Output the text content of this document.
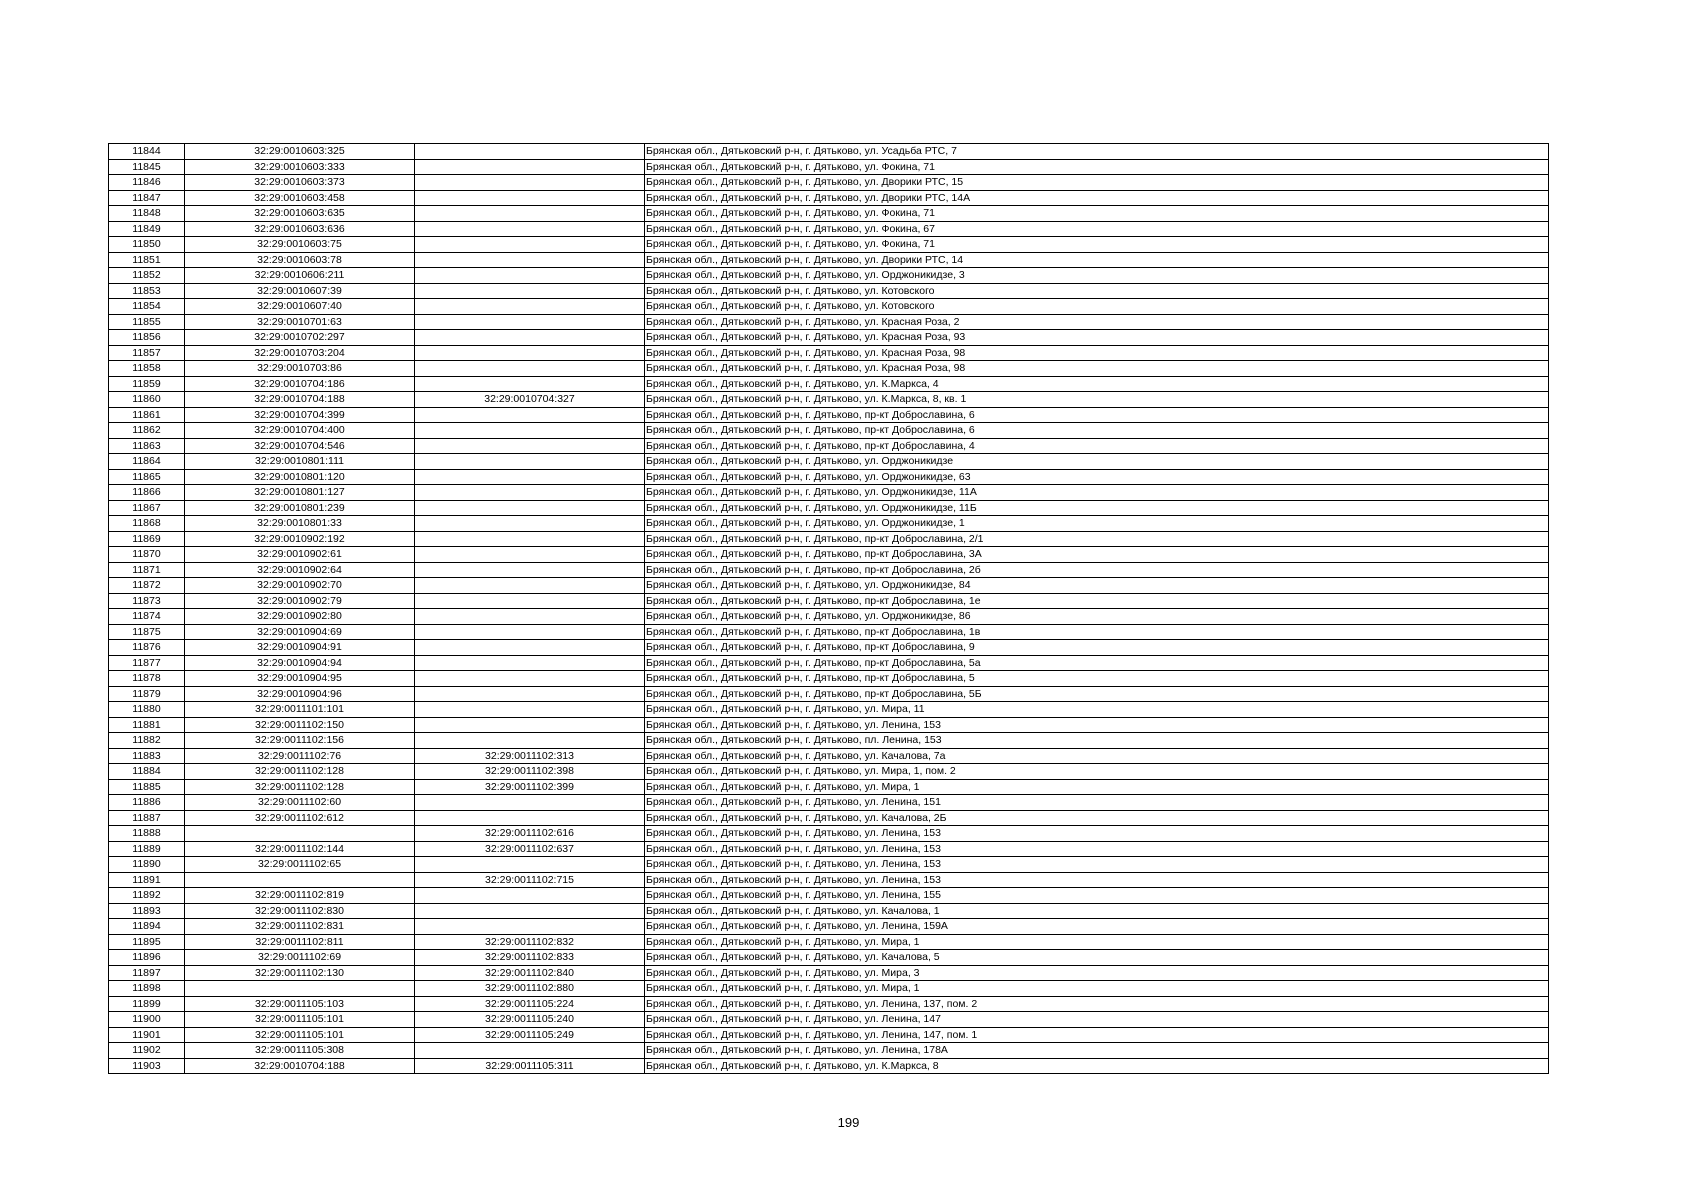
11844	32:29:0010603:325		Брянская обл., Дятьковский р-н, г. Дятьково, ул. Усадьба РТС, 7
11845	32:29:0010603:333		Брянская обл., Дятьковский р-н, г. Дятьково, ул. Фокина, 71
11846	32:29:0010603:373		Брянская обл., Дятьковский р-н, г. Дятьково, ул. Дворики РТС, 15
11847	32:29:0010603:458		Брянская обл., Дятьковский р-н, г. Дятьково, ул. Дворики РТС, 14А
11848	32:29:0010603:635		Брянская обл., Дятьковский р-н, г. Дятьково, ул. Фокина, 71
11849	32:29:0010603:636		Брянская обл., Дятьковский р-н, г. Дятьково, ул. Фокина, 67
11850	32:29:0010603:75		Брянская обл., Дятьковский р-н, г. Дятьково, ул. Фокина, 71
11851	32:29:0010603:78		Брянская обл., Дятьковский р-н, г. Дятьково, ул. Дворики РТС, 14
11852	32:29:0010606:211		Брянская обл., Дятьковский р-н, г. Дятьково, ул. Орджоникидзе, 3
11853	32:29:0010607:39		Брянская обл., Дятьковский р-н, г. Дятьково, ул. Котовского
11854	32:29:0010607:40		Брянская обл., Дятьковский р-н, г. Дятьково, ул. Котовского
11855	32:29:0010701:63		Брянская обл., Дятьковский р-н, г. Дятьково, ул. Красная Роза, 2
11856	32:29:0010702:297		Брянская обл., Дятьковский р-н, г. Дятьково, ул. Красная Роза, 93
11857	32:29:0010703:204		Брянская обл., Дятьковский р-н, г. Дятьково, ул. Красная Роза, 98
11858	32:29:0010703:86		Брянская обл., Дятьковский р-н, г. Дятьково, ул. Красная Роза, 98
11859	32:29:0010704:186		Брянская обл., Дятьковский р-н, г. Дятьково, ул. К.Маркса, 4
11860	32:29:0010704:188	32:29:0010704:327	Брянская обл., Дятьковский р-н, г. Дятьково, ул. К.Маркса, 8, кв. 1
11861	32:29:0010704:399		Брянская обл., Дятьковский р-н, г. Дятьково, пр-кт Доброславина, 6
11862	32:29:0010704:400		Брянская обл., Дятьковский р-н, г. Дятьково, пр-кт Доброславина, 6
11863	32:29:0010704:546		Брянская обл., Дятьковский р-н, г. Дятьково, пр-кт Доброславина, 4
11864	32:29:0010801:111		Брянская обл., Дятьковский р-н, г. Дятьково, ул. Орджоникидзе
11865	32:29:0010801:120		Брянская обл., Дятьковский р-н, г. Дятьково, ул. Орджоникидзе, 63
11866	32:29:0010801:127		Брянская обл., Дятьковский р-н, г. Дятьково, ул. Орджоникидзе, 11А
11867	32:29:0010801:239		Брянская обл., Дятьковский р-н, г. Дятьково, ул. Орджоникидзе, 11Б
11868	32:29:0010801:33		Брянская обл., Дятьковский р-н, г. Дятьково, ул. Орджоникидзе, 1
11869	32:29:0010902:192		Брянская обл., Дятьковский р-н, г. Дятьково, пр-кт Доброславина, 2/1
11870	32:29:0010902:61		Брянская обл., Дятьковский р-н, г. Дятьково, пр-кт Доброславина, 3А
11871	32:29:0010902:64		Брянская обл., Дятьковский р-н, г. Дятьково, пр-кт Доброславина, 2б
11872	32:29:0010902:70		Брянская обл., Дятьковский р-н, г. Дятьково, ул. Орджоникидзе, 84
11873	32:29:0010902:79		Брянская обл., Дятьковский р-н, г. Дятьково, пр-кт Доброславина, 1е
11874	32:29:0010902:80		Брянская обл., Дятьковский р-н, г. Дятьково, ул. Орджоникидзе, 86
11875	32:29:0010904:69		Брянская обл., Дятьковский р-н, г. Дятьково, пр-кт Доброславина, 1в
11876	32:29:0010904:91		Брянская обл., Дятьковский р-н, г. Дятьково, пр-кт Доброславина, 9
11877	32:29:0010904:94		Брянская обл., Дятьковский р-н, г. Дятьково, пр-кт Доброславина, 5а
11878	32:29:0010904:95		Брянская обл., Дятьковский р-н, г. Дятьково, пр-кт Доброславина, 5
11879	32:29:0010904:96		Брянская обл., Дятьковский р-н, г. Дятьково, пр-кт Доброславина, 5Б
11880	32:29:0011101:101		Брянская обл., Дятьковский р-н, г. Дятьково, ул. Мира, 11
11881	32:29:0011102:150		Брянская обл., Дятьковский р-н, г. Дятьково, ул. Ленина, 153
11882	32:29:0011102:156		Брянская обл., Дятьковский р-н, г. Дятьково, пл. Ленина, 153
11883	32:29:0011102:76	32:29:0011102:313	Брянская обл., Дятьковский р-н, г. Дятьково, ул. Качалова, 7а
11884	32:29:0011102:128	32:29:0011102:398	Брянская обл., Дятьковский р-н, г. Дятьково, ул. Мира, 1, пом. 2
11885	32:29:0011102:128	32:29:0011102:399	Брянская обл., Дятьковский р-н, г. Дятьково, ул. Мира, 1
11886	32:29:0011102:60		Брянская обл., Дятьковский р-н, г. Дятьково, ул. Ленина, 151
11887	32:29:0011102:612		Брянская обл., Дятьковский р-н, г. Дятьково, ул. Качалова, 2Б
11888		32:29:0011102:616	Брянская обл., Дятьковский р-н, г. Дятьково, ул. Ленина, 153
11889	32:29:0011102:144	32:29:0011102:637	Брянская обл., Дятьковский р-н, г. Дятьково, ул. Ленина, 153
11890	32:29:0011102:65		Брянская обл., Дятьковский р-н, г. Дятьково, ул. Ленина, 153
11891		32:29:0011102:715	Брянская обл., Дятьковский р-н, г. Дятьково, ул. Ленина, 153
11892	32:29:0011102:819		Брянская обл., Дятьковский р-н, г. Дятьково, ул. Ленина, 155
11893	32:29:0011102:830		Брянская обл., Дятьковский р-н, г. Дятьково, ул. Качалова, 1
11894	32:29:0011102:831		Брянская обл., Дятьковский р-н, г. Дятьково, ул. Ленина, 159А
11895	32:29:0011102:811	32:29:0011102:832	Брянская обл., Дятьковский р-н, г. Дятьково, ул. Мира, 1
11896	32:29:0011102:69	32:29:0011102:833	Брянская обл., Дятьковский р-н, г. Дятьково, ул. Качалова, 5
11897	32:29:0011102:130	32:29:0011102:840	Брянская обл., Дятьковский р-н, г. Дятьково, ул. Мира, 3
11898		32:29:0011102:880	Брянская обл., Дятьковский р-н, г. Дятьково, ул. Мира, 1
11899	32:29:0011105:103	32:29:0011105:224	Брянская обл., Дятьковский р-н, г. Дятьково, ул. Ленина, 137, пом. 2
11900	32:29:0011105:101	32:29:0011105:240	Брянская обл., Дятьковский р-н, г. Дятьково, ул. Ленина, 147
11901	32:29:0011105:101	32:29:0011105:249	Брянская обл., Дятьковский р-н, г. Дятьково, ул. Ленина, 147, пом. 1
11902	32:29:0011105:308		Брянская обл., Дятьковский р-н, г. Дятьково, ул. Ленина, 178А
11903	32:29:0010704:188	32:29:0011105:311	Брянская обл., Дятьковский р-н, г. Дятьково, ул. К.Маркса, 8
199
